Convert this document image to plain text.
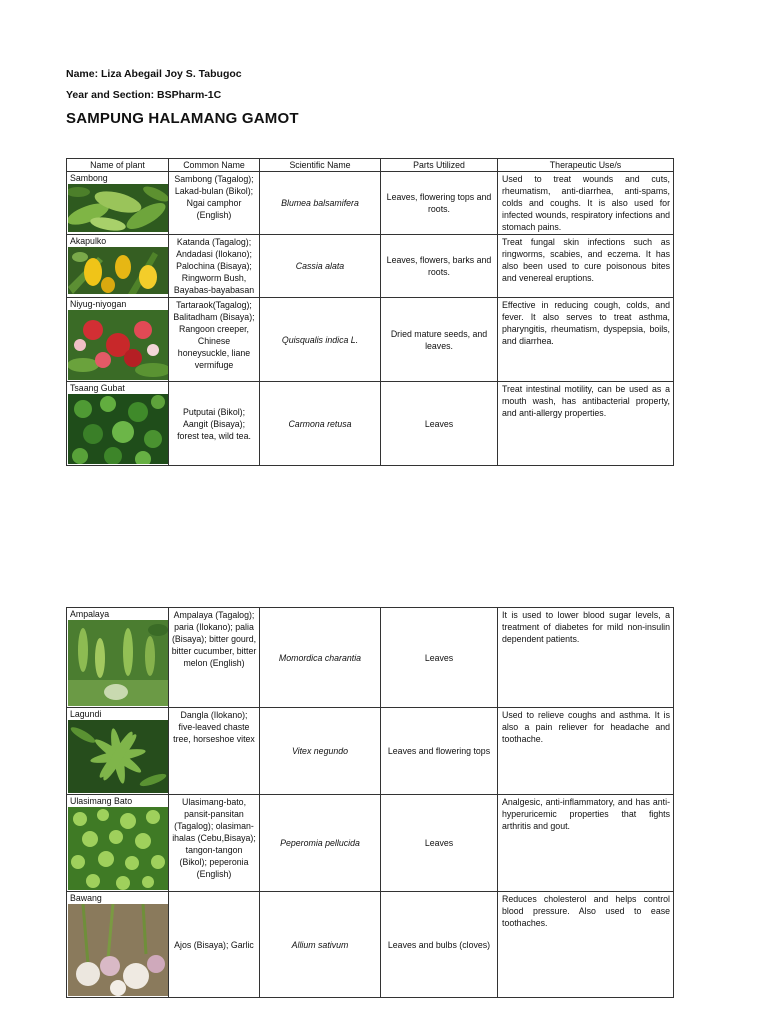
Name: Liza Abegail Joy S. Tabugoc
Year and Section: BSPharm-1C
SAMPUNG HALAMANG GAMOT
Name of plant	Common Name	Scientific Name	Parts Utilized	Therapeutic Use/s

Sambong	Sambong (Tagalog); Lakad-bulan (Bikol); Ngai camphor (English)	Blumea balsamifera	Leaves, flowering tops and roots.	Used to treat wounds and cuts, rheumatism, anti-diarrhea, anti-spams, colds and coughs. It is also used for infected wounds, respiratory infections and stomach pains.

Akapulko	Katanda (Tagalog); Andadasi (Ilokano); Palochina (Bisaya); Ringworm Bush, Bayabas-bayabasan	Cassia alata	Leaves, flowers, barks and roots.	Treat fungal skin infections such as ringworms, scabies, and eczema. It has also been used to cure poisonous bites and venereal eruptions.

Niyug-niyogan	Tartaraok(Tagalog); Balitadham (Bisaya); Rangoon creeper, Chinese honeysuckle, liane vermifuge	Quisqualis indica L.	Dried mature seeds, and leaves.	Effective in reducing cough, colds, and fever. It also serves to treat asthma, pharyngitis, rheumatism, dyspepsia, boils, and diarrhea.

Tsaang Gubat	Putputai (Bikol); Aangit (Bisaya); forest tea, wild tea.	Carmona retusa	Leaves	Treat intestinal motility, can be used as a mouth wash, has antibacterial property, and anti-allergy properties.
Ampalaya	Ampalaya (Tagalog); paria (Ilokano); palia (Bisaya); bitter gourd, bitter cucumber, bitter melon (English)	Momordica charantia	Leaves	It is used to lower blood sugar levels, a treatment of diabetes for mild non-insulin dependent patients.

Lagundi	Dangla (Ilokano); five-leaved chaste tree, horseshoe vitex	Vitex negundo	Leaves and flowering tops	Used to relieve coughs and asthma. It is also a pain reliever for headache and toothache.

Ulasimang Bato	Ulasimang-bato, pansit-pansitan (Tagalog); olasiman-ihalas (Cebu,Bisaya); tangon-tangon (Bikol); peperonia (English)	Peperomia pellucida	Leaves	Analgesic, anti-inflammatory, and has anti-hyperuricemic properties that fights arthritis and gout.

Bawang	Ajos (Bisaya); Garlic	Allium sativum	Leaves and bulbs (cloves)	Reduces cholesterol and helps control blood pressure. Also used to ease toothaches.
